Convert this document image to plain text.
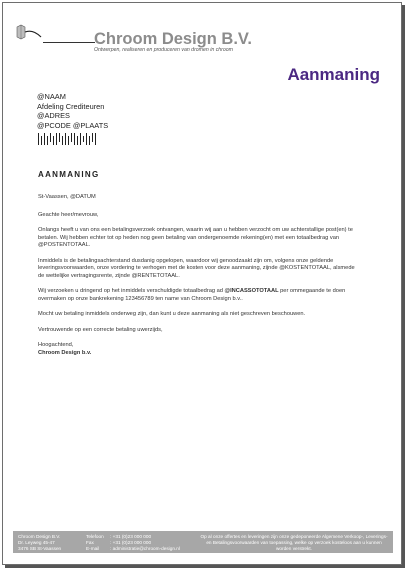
Chroom Design B.V.
Ontwerpen, realiseren en produceren van dromen in chroom
Aanmaning
@NAAM
Afdeling Crediteuren
@ADRES
@PCODE @PLAATS
AANMANING

St-Vaassen, @DATUM

Geachte heer/mevrouw,

Onlangs heeft u van ons een betalingsverzoek ontvangen, waarin wij aan u hebben verzocht om uw achterstallige post(en) te betalen. Wij hebben echter tot op heden nog geen betaling van ondergenoemde rekening(en) met een totaalbedrag van @POSTENTOTAAL.

Inmiddels is de betalingsachterstand dusdanig opgelopen, waardoor wij genoodzaakt zijn om, volgens onze geldende leveringsvoorwaarden, onze vordering te verhogen met de kosten voor deze aanmaning, zijnde @KOSTENTOTAAL, alsmede de wettelijke vertragingsrente, zijnde @RENTETOTAAL.

Wij verzoeken u dringend op het inmiddels verschuldigde totaalbedrag ad @INCASSOTOTAAL per ommegaande te doen overmaken op onze bankrekening 123456789 ten name van Chroom Design b.v..

Mocht uw betaling inmiddels onderweg zijn, dan kunt u deze aanmaning als niet geschreven beschouwen.

Vertrouwende op een correcte betaling uwerzijds,

Hoogachtend,

Chroom Design b.v.

Chroom Design B.V.
Dr. Leyweg 45-47
3476 SB St-Vaassen
Telefoon
Fax
E-mail
: +31 (0)23 000 000
: +31 (0)23 000 000
: administratie@chroom-design.nl
Op al onze offertes en leveringen zijn onze gedeponeerde Algemene Verkoop-, Leverings- en Betalingsvoorwaarden van toepassing, welke op verzoek kosteloos aan u kunnen worden verstrekt.
